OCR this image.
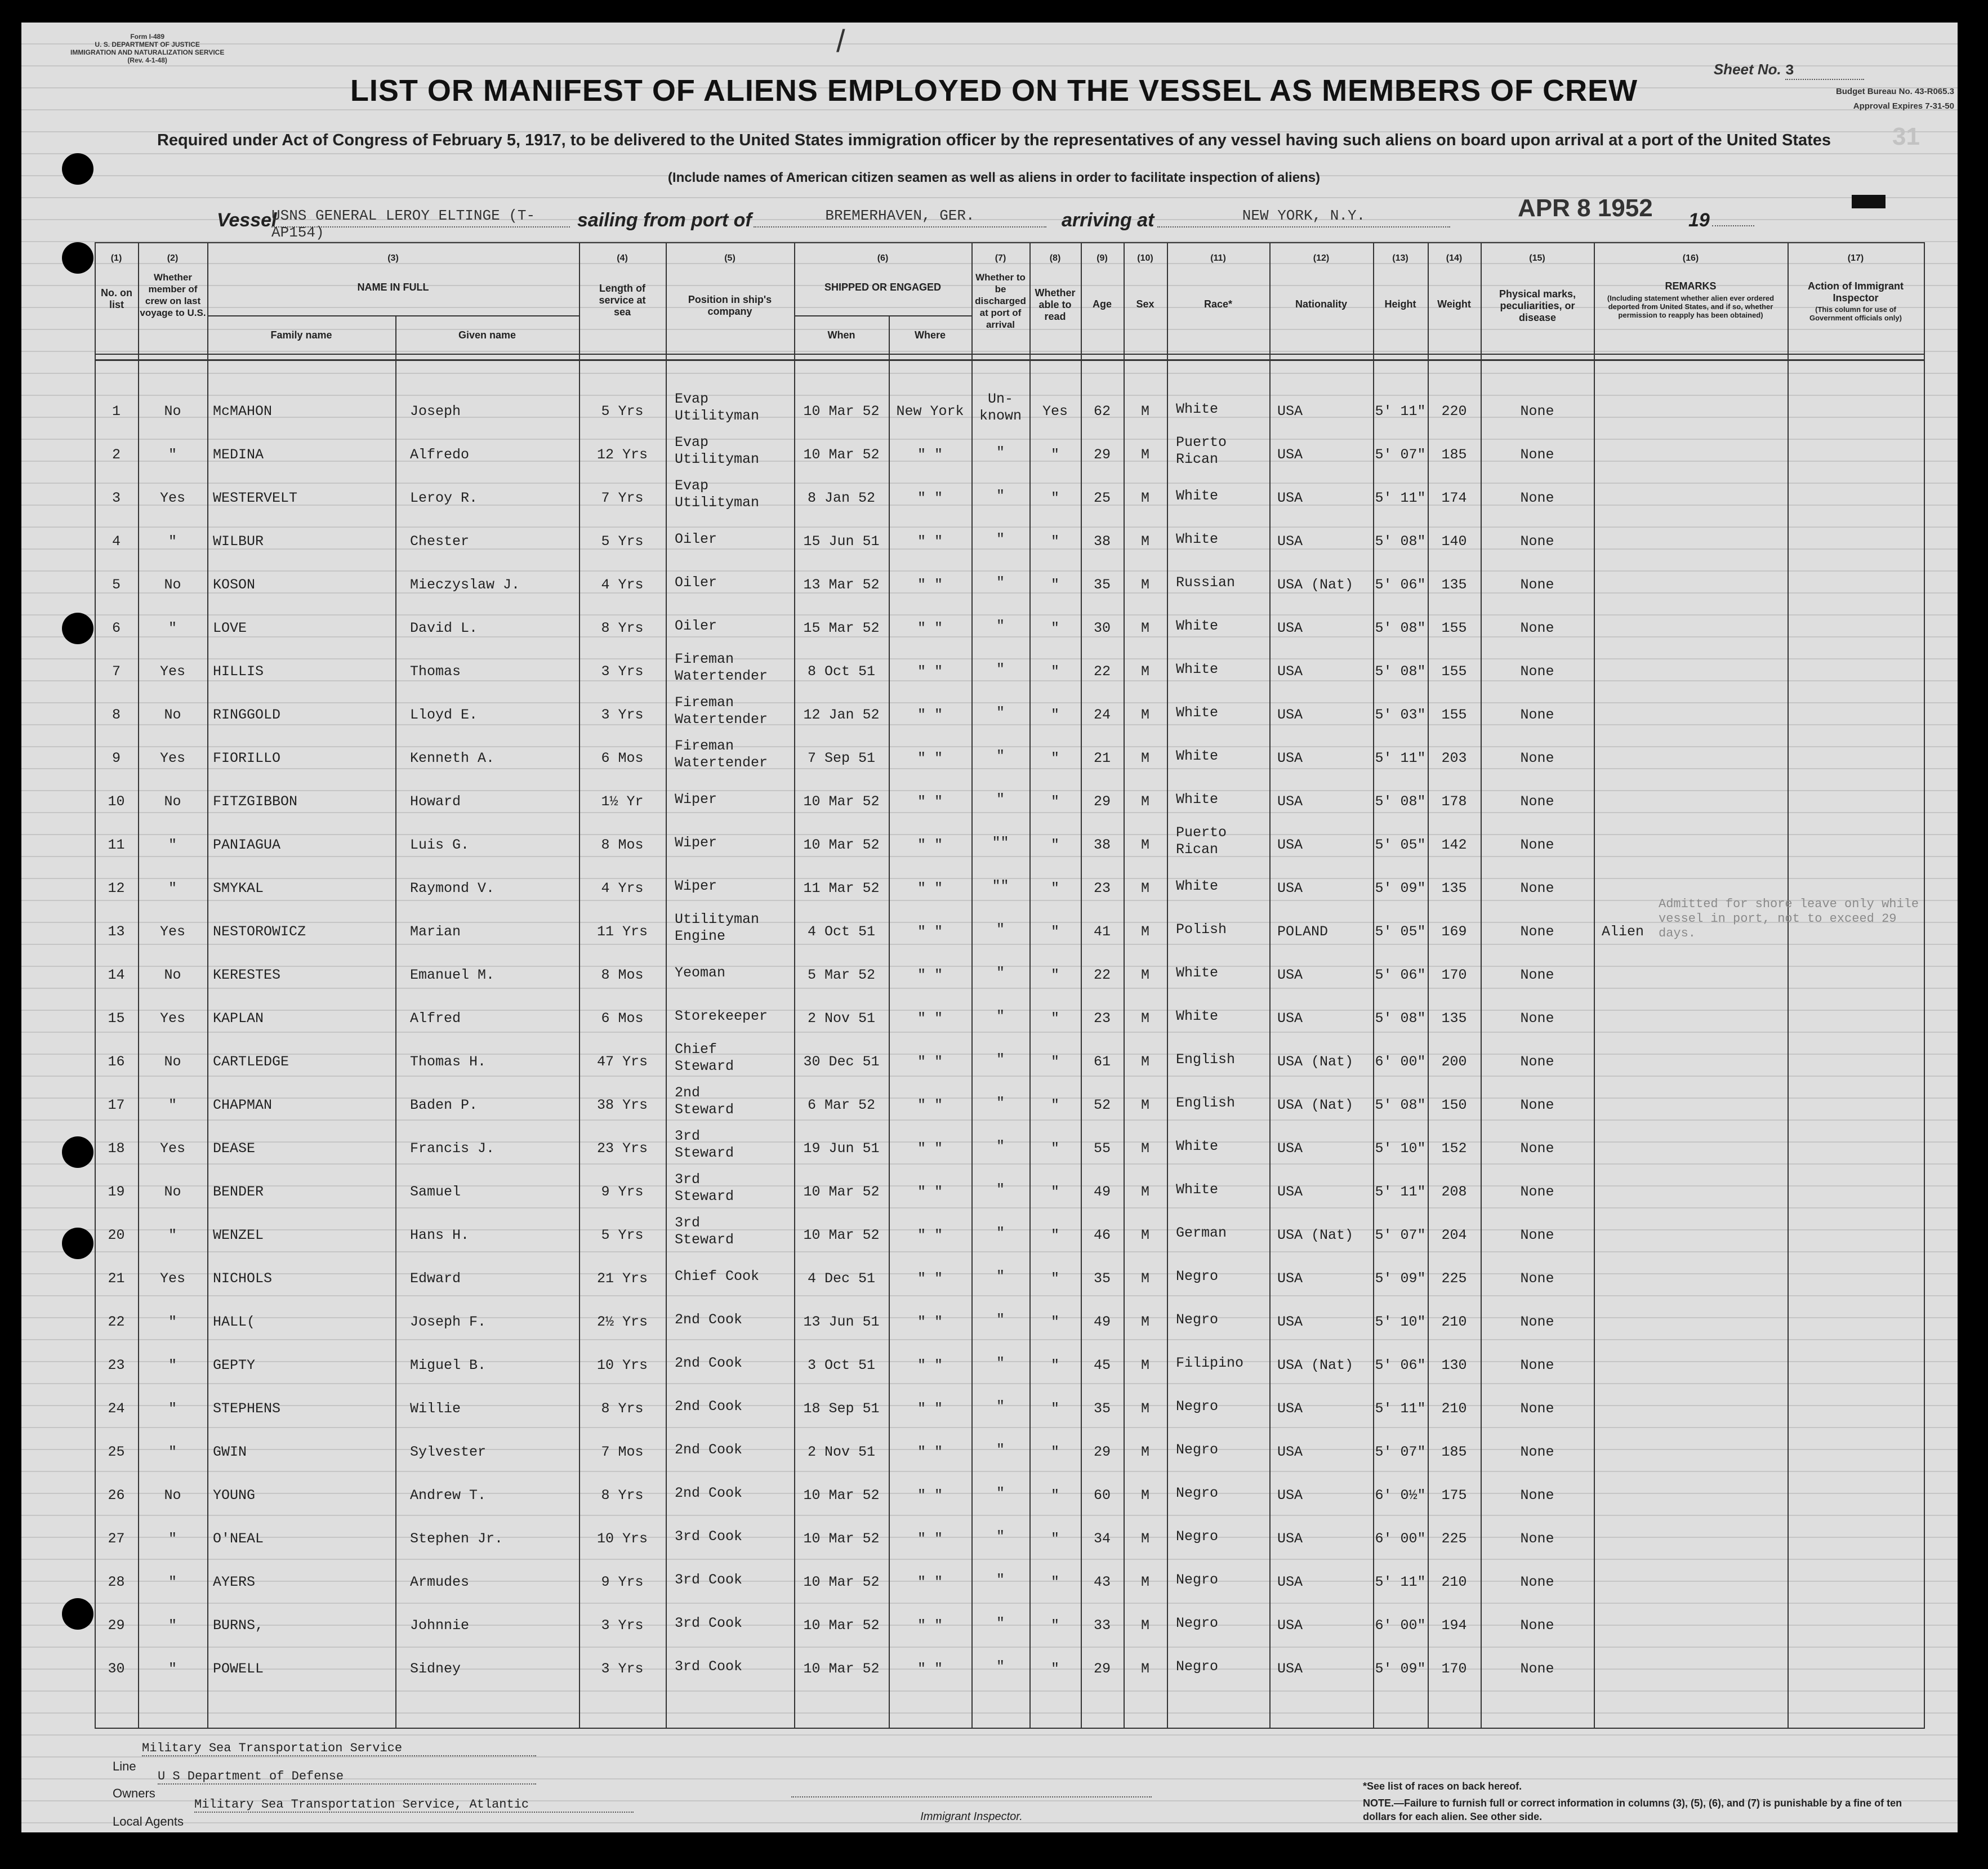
Form I-489
U. S. DEPARTMENT OF JUSTICE
IMMIGRATION AND NATURALIZATION SERVICE
(Rev. 4-1-48)
/
LIST OR MANIFEST OF ALIENS EMPLOYED ON THE VESSEL AS MEMBERS OF CREW
Sheet No. 3
Budget Bureau No. 43-R065.3
Approval Expires 7-31-50
31
Required under Act of Congress of February 5, 1917, to be delivered to the United States immigration officer by the representatives of any vessel having such aliens on board upon arrival at a port of the United States
(Include names of American citizen seamen as well as aliens in order to facilitate inspection of aliens)
Vessel
USNS GENERAL LEROY ELTINGE (T-AP154)
sailing from port of	BREMERHAVEN, GER.	arriving at	NEW YORK, N.Y.	APR 8 1952 19
(1)	(2)	(3)	(4)	(5)	(6)	(7)	(8)	(9)	(10)	(11)	(12)	(13)	(14)	(15)	(16)	(17)
No. on list
Whether member of crew on last voyage to U.S.
NAME IN FULL
Family name	Given name
Length of service at sea
Position in ship's company
SHIPPED OR ENGAGED
When	Where
Whether to be discharged at port of arrival
Whether able to read
Age	Sex	Race*	Nationality	Height	Weight
Physical marks, peculiarities, or disease
REMARKS
(Including statement whether alien ever ordered deported from United States, and if so, whether permission to reapply has been obtained)
Action of Immigrant Inspector
(This column for use of Government officials only)
1	No	McMAHON	Joseph	5 Yrs
Evap
Utilityman	10 Mar 52	New York
Un-
known	Yes	62	M	White	USA	5' 11"	220	None
2	"	MEDINA	Alfredo	12 Yrs
Evap
Utilityman	10 Mar 52	" "	"	"	29	M
Puerto
Rican	USA	5' 07"	185	None
3	Yes	WESTERVELT	Leroy R.	7 Yrs
Evap
Utilityman	8 Jan 52	" "	"	"	25	M	White	USA	5' 11"	174	None
4	"	WILBUR	Chester	5 Yrs	Oiler	15 Jun 51	" "	"	"	38	M	White	USA	5' 08"	140	None
5	No	KOSON	Mieczyslaw J.	4 Yrs	Oiler	13 Mar 52	" "	"	"	35	M	Russian	USA (Nat)	5' 06"	135	None
6	"	LOVE	David L.	8 Yrs	Oiler	15 Mar 52	" "	"	"	30	M	White	USA	5' 08"	155	None
7	Yes	HILLIS	Thomas	3 Yrs
Fireman
Watertender	8 Oct 51	" "	"	"	22	M	White	USA	5' 08"	155	None
8	No	RINGGOLD	Lloyd E.	3 Yrs
Fireman
Watertender	12 Jan 52	" "	"	"	24	M	White	USA	5' 03"	155	None
9	Yes	FIORILLO	Kenneth A.	6 Mos
Fireman
Watertender	7 Sep 51	" "	"	"	21	M	White	USA	5' 11"	203	None
10	No	FITZGIBBON	Howard	1½ Yr	Wiper	10 Mar 52	" "	"	"	29	M	White	USA	5' 08"	178	None
11	"	PANIAGUA	Luis G.	8 Mos	Wiper	10 Mar 52	" "	""	"	38	M
Puerto
Rican	USA	5' 05"	142	None
12	"	SMYKAL	Raymond V.	4 Yrs	Wiper	11 Mar 52	" "	""	"	23	M	White	USA	5' 09"	135	None
13	Yes	NESTOROWICZ	Marian	11 Yrs
Utilityman
Engine	4 Oct 51	" "	"	"	41	M	Polish	POLAND	5' 05"	169	None	Alien
14	No	KERESTES	Emanuel M.	8 Mos	Yeoman	5 Mar 52	" "	"	"	22	M	White	USA	5' 06"	170	None
15	Yes	KAPLAN	Alfred	6 Mos	Storekeeper	2 Nov 51	" "	"	"	23	M	White	USA	5' 08"	135	None
16	No	CARTLEDGE	Thomas H.	47 Yrs
Chief
Steward	30 Dec 51	" "	"	"	61	M	English	USA (Nat)	6' 00"	200	None
17	"	CHAPMAN	Baden P.	38 Yrs
2nd
Steward	6 Mar 52	" "	"	"	52	M	English	USA (Nat)	5' 08"	150	None
18	Yes	DEASE	Francis J.	23 Yrs
3rd
Steward	19 Jun 51	" "	"	"	55	M	White	USA	5' 10"	152	None
19	No	BENDER	Samuel	9 Yrs
3rd
Steward	10 Mar 52	" "	"	"	49	M	White	USA	5' 11"	208	None
20	"	WENZEL	Hans H.	5 Yrs
3rd
Steward	10 Mar 52	" "	"	"	46	M	German	USA (Nat)	5' 07"	204	None
21	Yes	NICHOLS	Edward	21 Yrs	Chief Cook	4 Dec 51	" "	"	"	35	M	Negro	USA	5' 09"	225	None
22	"	HALL(	Joseph F.	2½ Yrs	2nd Cook	13 Jun 51	" "	"	"	49	M	Negro	USA	5' 10"	210	None
23	"	GEPTY	Miguel B.	10 Yrs	2nd Cook	3 Oct 51	" "	"	"	45	M	Filipino	USA (Nat)	5' 06"	130	None
24	"	STEPHENS	Willie	8 Yrs	2nd Cook	18 Sep 51	" "	"	"	35	M	Negro	USA	5' 11"	210	None
25	"	GWIN	Sylvester	7 Mos	2nd Cook	2 Nov 51	" "	"	"	29	M	Negro	USA	5' 07"	185	None
26	No	YOUNG	Andrew T.	8 Yrs	2nd Cook	10 Mar 52	" "	"	"	60	M	Negro	USA	6' 0½"	175	None
27	"	O'NEAL	Stephen Jr.	10 Yrs	3rd Cook	10 Mar 52	" "	"	"	34	M	Negro	USA	6' 00"	225	None
28	"	AYERS	Armudes	9 Yrs	3rd Cook	10 Mar 52	" "	"	"	43	M	Negro	USA	5' 11"	210	None
29	"	BURNS,	Johnnie	3 Yrs	3rd Cook	10 Mar 52	" "	"	"	33	M	Negro	USA	6' 00"	194	None
30	"	POWELL	Sidney	3 Yrs	3rd Cook	10 Mar 52	" "	"	"	29	M	Negro	USA	5' 09"	170	None
Admitted for shore leave only while vessel in port, not to exceed 29 days.
Line
Military Sea Transportation Service
Owners
U S Department of Defense
Local Agents
Military Sea Transportation Service, Atlantic
Immigrant Inspector.
*See list of races on back hereof.
NOTE.—Failure to furnish full or correct information in columns (3), (5), (6), and (7) is punishable by a fine of ten dollars for each alien. See other side.
